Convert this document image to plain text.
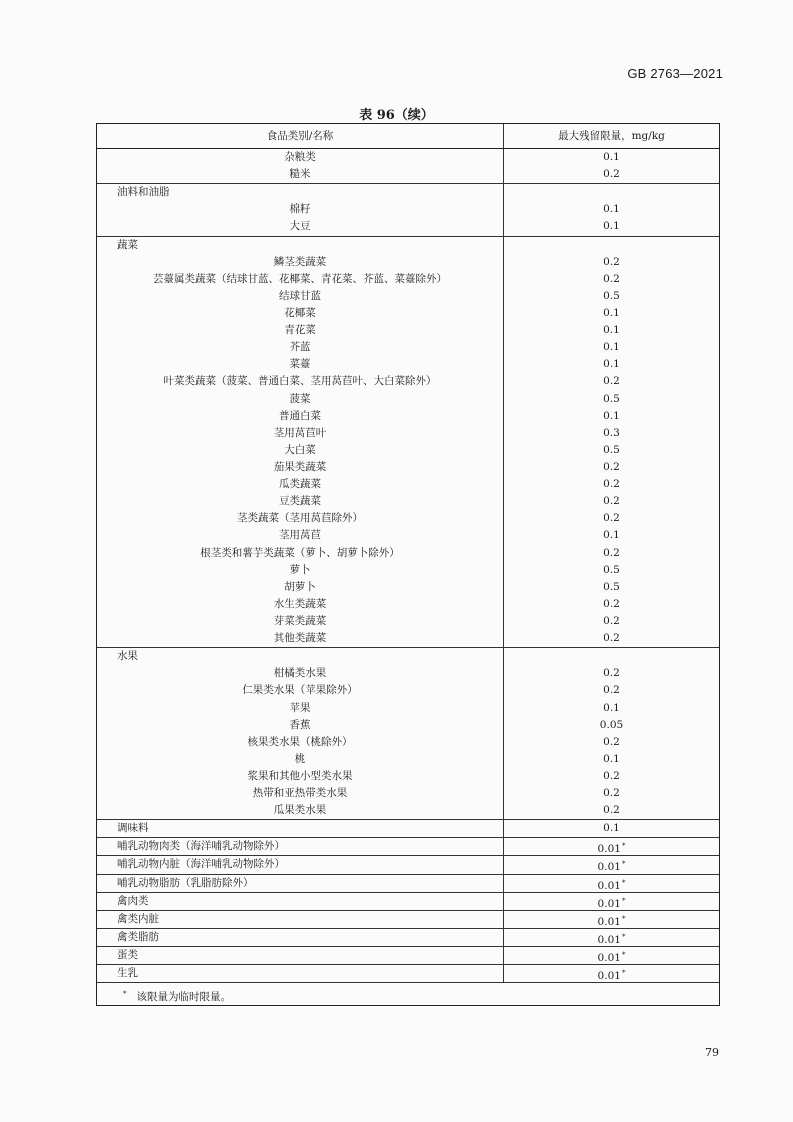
GB 2763—2021
表 96（续）
食品类别/名称	最大残留限量，mg/kg
杂粮类	0.1
糙米	0.2
油料和油脂
棉籽	0.1
大豆	0.1
蔬菜
鳞茎类蔬菜	0.2
芸薹属类蔬菜（结球甘蓝、花椰菜、青花菜、芥蓝、菜薹除外）	0.2
结球甘蓝	0.5
花椰菜	0.1
青花菜	0.1
芥蓝	0.1
菜薹	0.1
叶菜类蔬菜（菠菜、普通白菜、茎用莴苣叶、大白菜除外）	0.2
菠菜	0.5
普通白菜	0.1
茎用莴苣叶	0.3
大白菜	0.5
茄果类蔬菜	0.2
瓜类蔬菜	0.2
豆类蔬菜	0.2
茎类蔬菜（茎用莴苣除外）	0.2
茎用莴苣	0.1
根茎类和薯芋类蔬菜（萝卜、胡萝卜除外）	0.2
萝卜	0.5
胡萝卜	0.5
水生类蔬菜	0.2
芽菜类蔬菜	0.2
其他类蔬菜	0.2
水果
柑橘类水果	0.2
仁果类水果（苹果除外）	0.2
苹果	0.1
香蕉	0.05
核果类水果（桃除外）	0.2
桃	0.1
浆果和其他小型类水果	0.2
热带和亚热带类水果	0.2
瓜果类水果	0.2
调味料	0.1
哺乳动物肉类（海洋哺乳动物除外）	0.01*
哺乳动物内脏（海洋哺乳动物除外）	0.01*
哺乳动物脂肪（乳脂肪除外）	0.01*
禽肉类	0.01*
禽类内脏	0.01*
禽类脂肪	0.01*
蛋类	0.01*
生乳	0.01*
* 该限量为临时限量。
79
